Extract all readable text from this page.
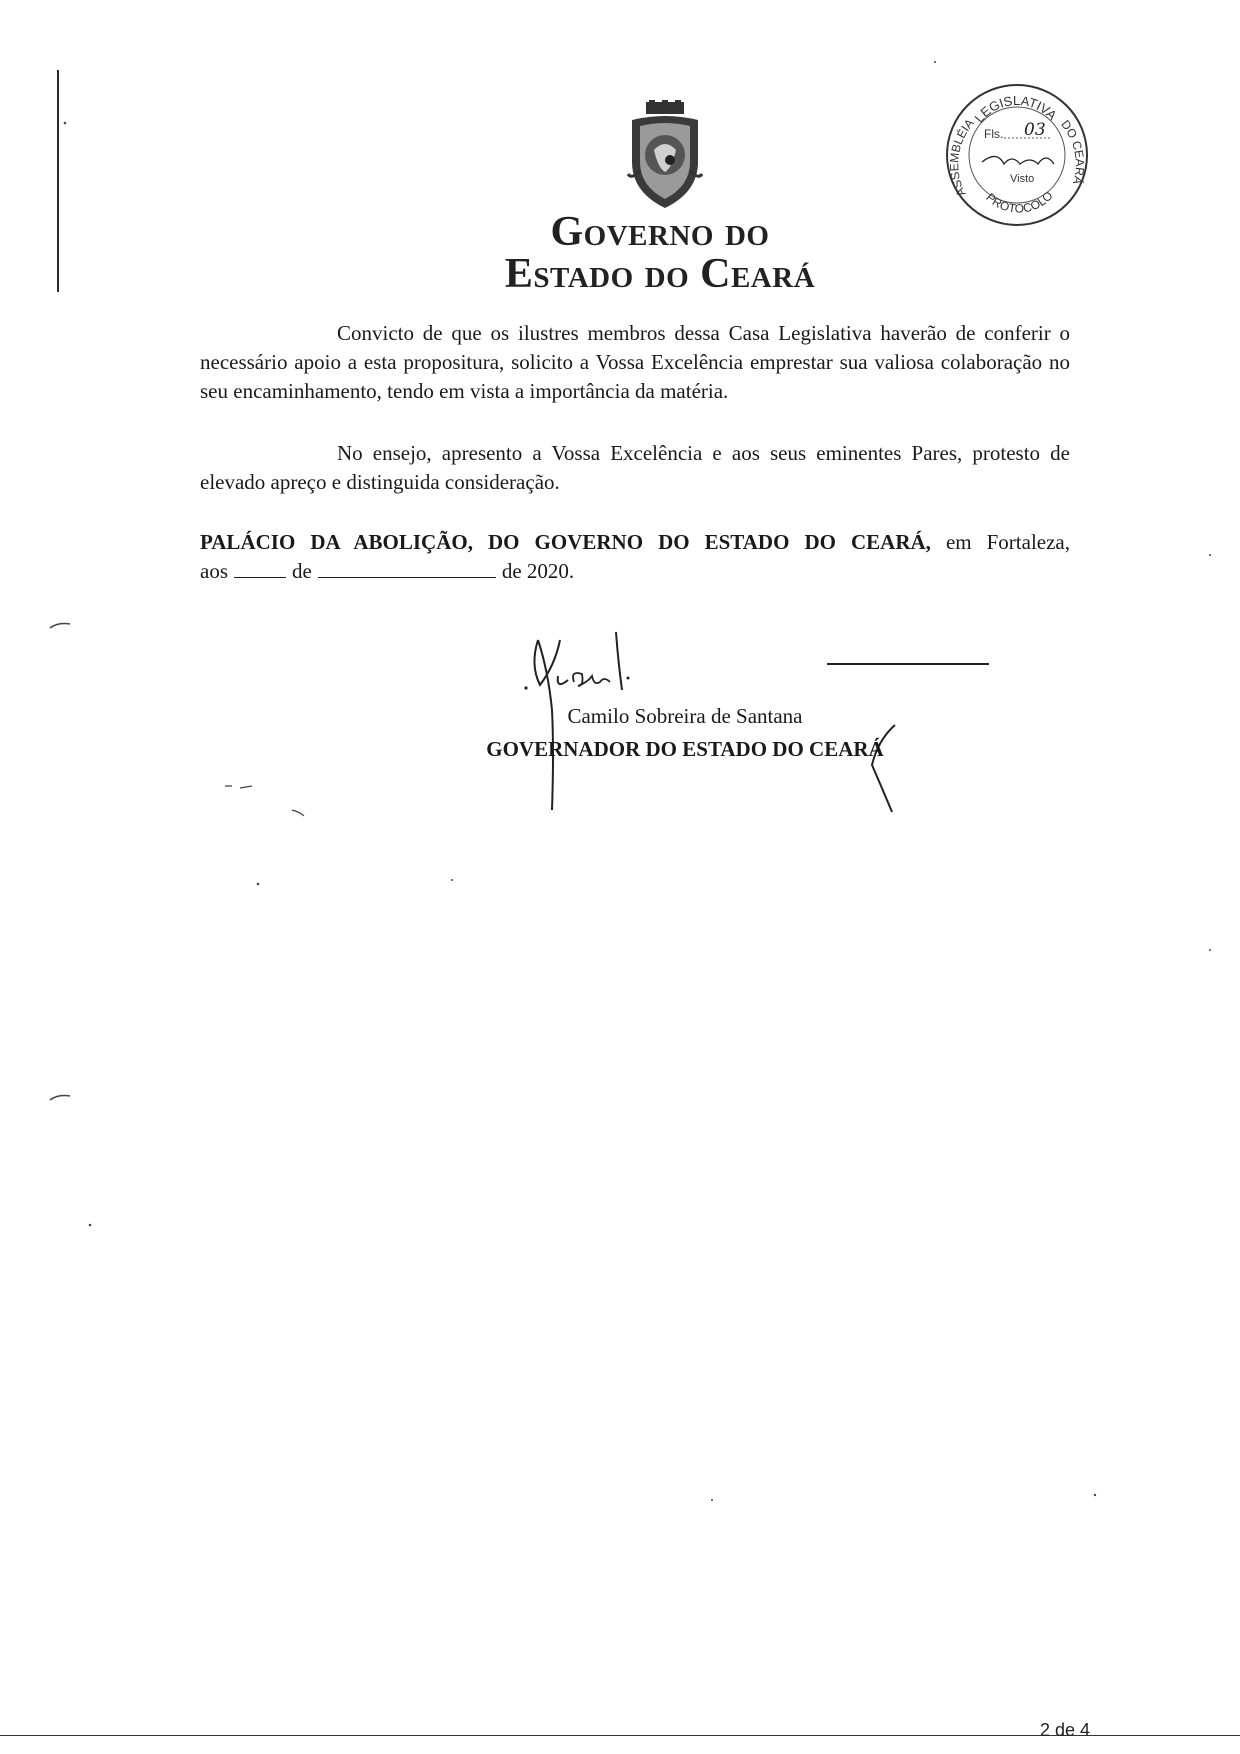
Governo do
Estado do Ceará
LEGISLATIVA
ASSEMBLÉIA	DO CEARÁ
PROTOCOLO
Fls. 03
Visto

Convicto de que os ilustres membros dessa Casa Legislativa haverão de conferir o necessário apoio a esta propositura, solicito a Vossa Excelência emprestar sua valiosa colaboração no seu encaminhamento, tendo em vista a importância da matéria.

No ensejo, apresento a Vossa Excelência e aos seus eminentes Pares, protesto de elevado apreço e distinguida consideração.

PALÁCIO DA ABOLIÇÃO, DO GOVERNO DO ESTADO DO CEARÁ, em Fortaleza,
aos	de	de 2020.
Camilo Sobreira de Santana
GOVERNADOR DO ESTADO DO CEARÁ
2 de 4
